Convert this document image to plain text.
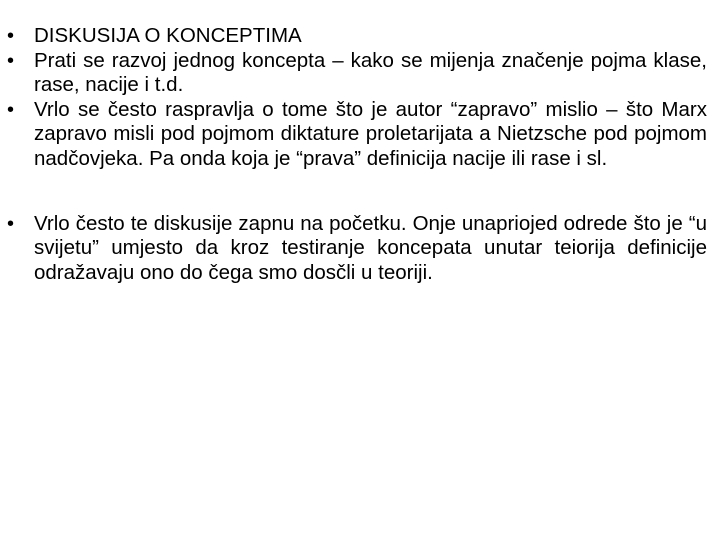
• DISKUSIJA O KONCEPTIMA
• Prati se razvoj jednog koncepta – kako se mijenja značenje pojma klase, rase, nacije i t.d.
• Vrlo se često raspravlja o tome što je autor “zapravo” mislio – što Marx zapravo misli pod pojmom diktature proletarijata a Nietzsche pod pojmom nadčovjeka. Pa onda koja je “prava” definicija nacije ili rase i sl.
• Vrlo često te diskusije zapnu na početku. Onje unapriojed odrede što je “u svijetu” umjesto da kroz testiranje koncepata unutar teiorija definicije odražavaju ono do čega smo dosčli u teoriji.
